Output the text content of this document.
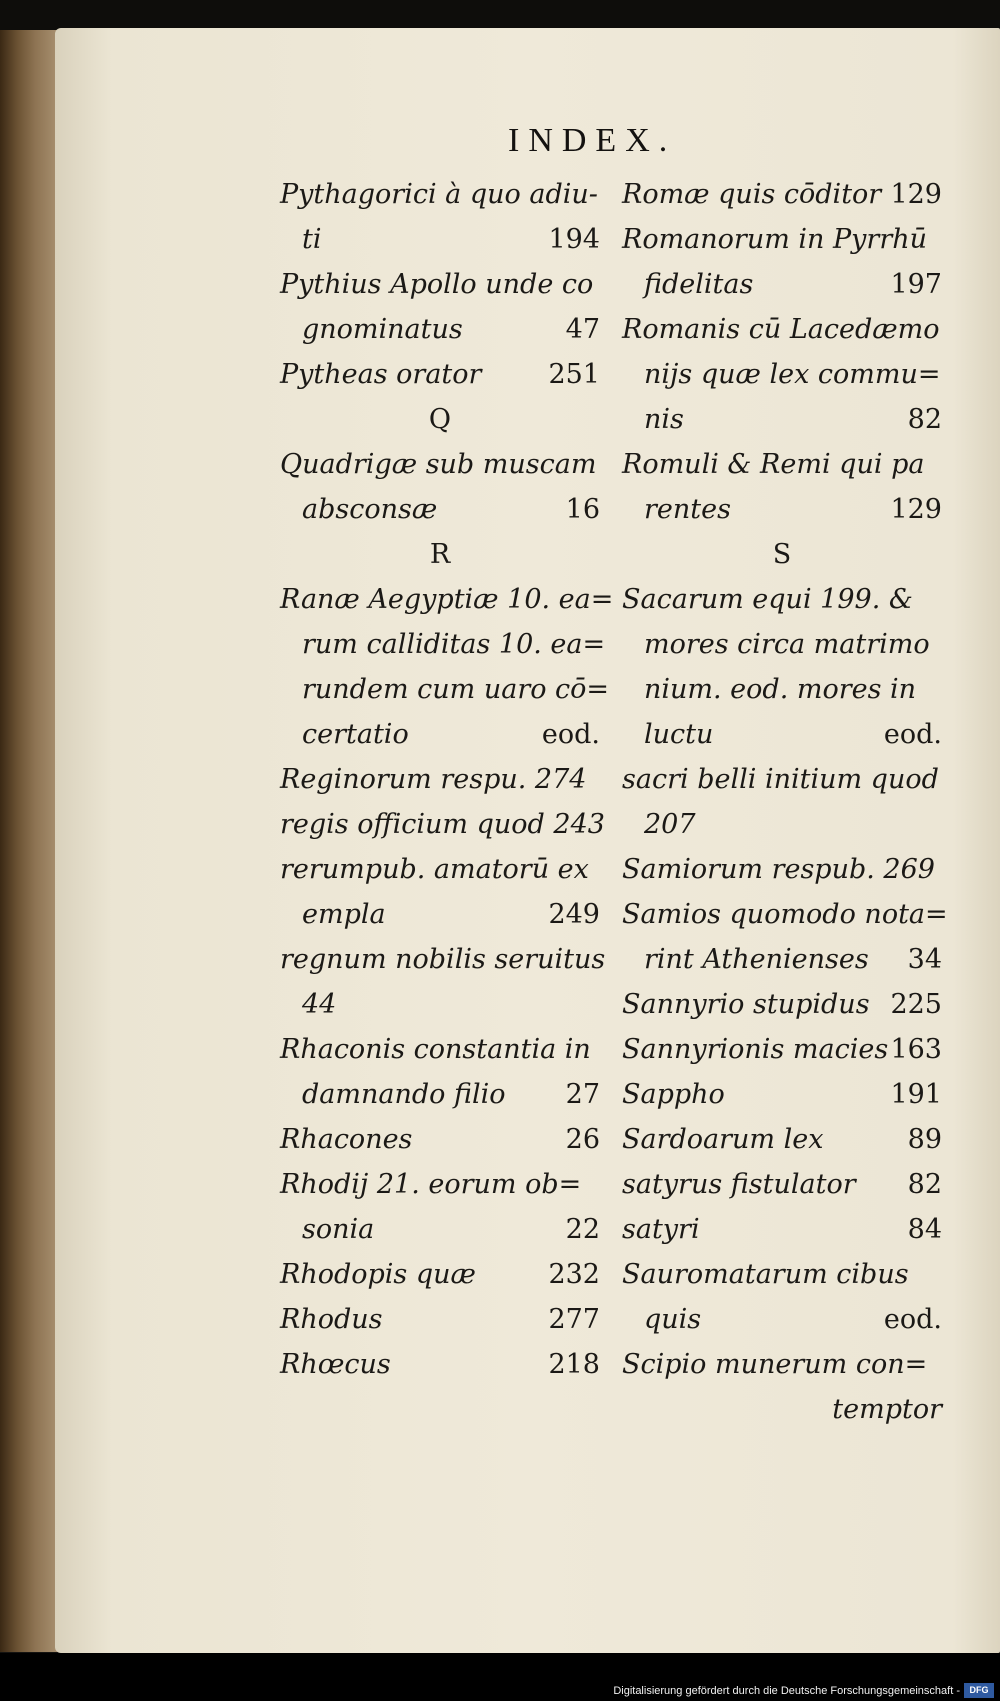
INDEX.
Pythagorici à quo adiu-
ti	194
Pythius Apollo unde co
gnominatus	47
Pytheas orator 251
Q
Quadrigæ sub muscam
absconsæ	16
R
Ranæ Aegyptiæ 10. ea=
rum calliditas 10. ea=
rundem cum uaro cō=
certatio	eod.
Reginorum respu. 274
regis officium quod 243
rerumpub. amatorū ex
empla	249
regnum nobilis seruitus
44
Rhaconis constantia in
damnando filio 27
Rhacones	26
Rhodij 21. eorum ob=
sonia	22
Rhodopis quæ	232
Rhodus	277
Rhœcus	218
Romæ quis cōditor 129
Romanorum in Pyrrhū
fidelitas	197
Romanis cū Lacedæmo
nijs quæ lex commu=
nis	82
Romuli & Remi qui pa
rentes	129
S
Sacarum equi 199. &
mores circa matrimo
nium. eod. mores in
luctu	eod.
sacri belli initium quod
207
Samiorum respub. 269
Samios quomodo nota=
rint Athenienses 34
Sannyrio stupidus 225
Sannyrionis macies 163
Sappho	191
Sardoarum lex	89
satyrus fistulator 82
satyri	84
Sauromatarum cibus
quis	eod.
Scipio munerum con=
temptor
Digitalisierung gefördert durch die Deutsche Forschungsgemeinschaft -	DFG
